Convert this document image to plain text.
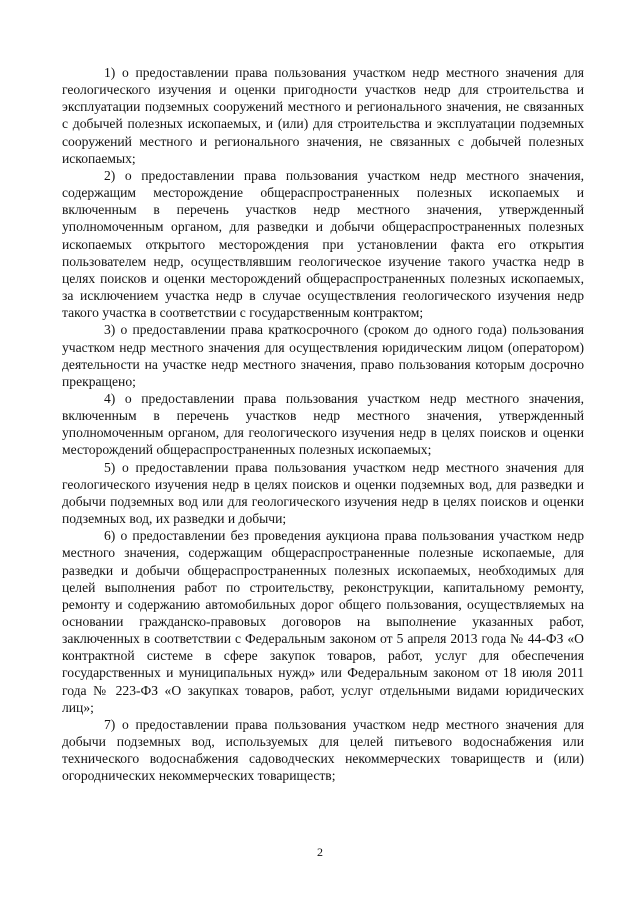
1) о предоставлении права пользования участком недр местного значения для геологического изучения и оценки пригодности участков недр для строительства и эксплуатации подземных сооружений местного и регионального значения, не связанных с добычей полезных ископаемых, и (или) для строительства и эксплуатации подземных сооружений местного и регионального значения, не связанных с добычей полезных ископаемых;

2) о предоставлении права пользования участком недр местного значения, содержащим месторождение общераспространенных полезных ископаемых и включенным в перечень участков недр местного значения, утвержденный уполномоченным органом, для разведки и добычи общераспространенных полезных ископаемых открытого месторождения при установлении факта его открытия пользователем недр, осуществлявшим геологическое изучение такого участка недр в целях поисков и оценки месторождений общераспространенных полезных ископаемых, за исключением участка недр в случае осуществления геологического изучения недр такого участка в соответствии с государственным контрактом;

3) о предоставлении права краткосрочного (сроком до одного года) пользования участком недр местного значения для осуществления юридическим лицом (оператором) деятельности на участке недр местного значения, право пользования которым досрочно прекращено;

4) о предоставлении права пользования участком недр местного значения, включенным в перечень участков недр местного значения, утвержденный уполномоченным органом, для геологического изучения недр в целях поисков и оценки месторождений общераспространенных полезных ископаемых;

5) о предоставлении права пользования участком недр местного значения для геологического изучения недр в целях поисков и оценки подземных вод, для разведки и добычи подземных вод или для геологического изучения недр в целях поисков и оценки подземных вод, их разведки и добычи;

6) о предоставлении без проведения аукциона права пользования участком недр местного значения, содержащим общераспространенные полезные ископаемые, для разведки и добычи общераспространенных полезных ископаемых, необходимых для целей выполнения работ по строительству, реконструкции, капитальному ремонту, ремонту и содержанию автомобильных дорог общего пользования, осуществляемых на основании гражданско-правовых договоров на выполнение указанных работ, заключенных в соответствии с Федеральным законом от 5 апреля 2013 года № 44-ФЗ «О контрактной системе в сфере закупок товаров, работ, услуг для обеспечения государственных и муниципальных нужд» или Федеральным законом от 18 июля 2011 года № 223-ФЗ «О закупках товаров, работ, услуг отдельными видами юридических лиц»;

7) о предоставлении права пользования участком недр местного значения для добычи подземных вод, используемых для целей питьевого водоснабжения или технического водоснабжения садоводческих некоммерческих товариществ и (или) огороднических некоммерческих товариществ;

2
